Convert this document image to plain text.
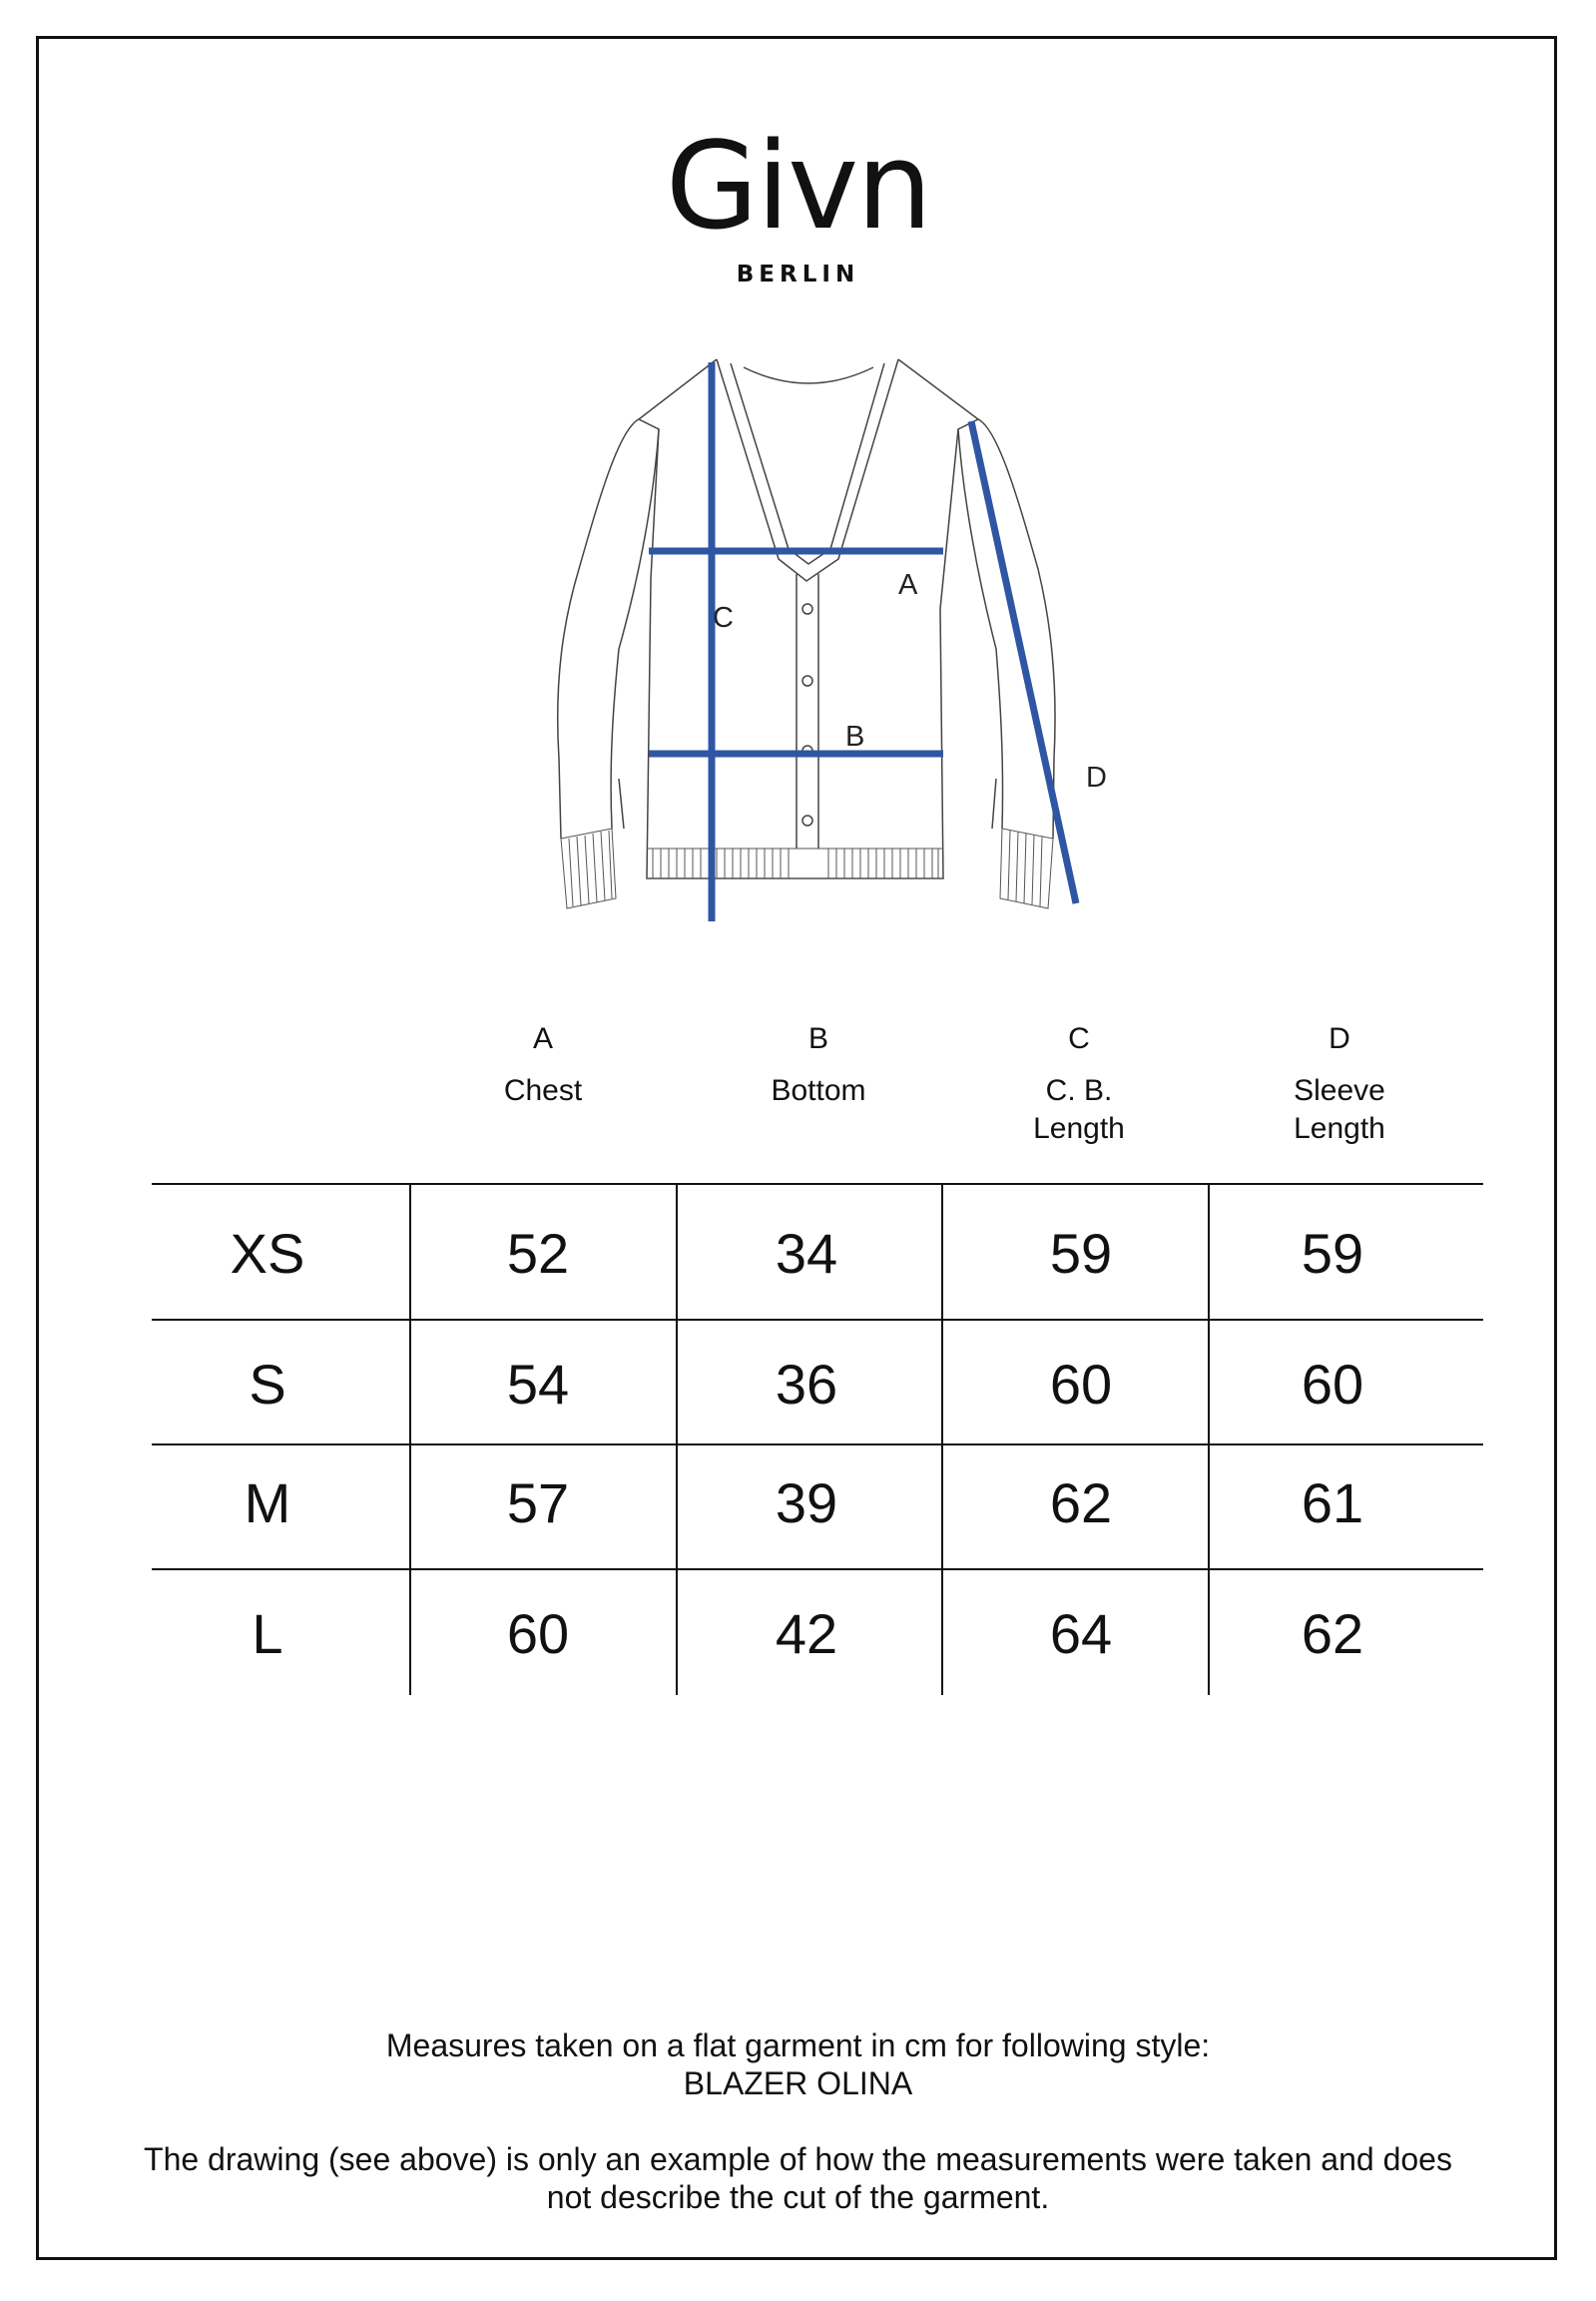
Givn
BERLIN
C
A
B
D
A
Chest
B
Bottom
C
C. B.
Length
D
Sleeve
Length
XS	52	34	59	59
S	54	36	60	60
M	57	39	62	61
L	60	42	64	62
Measures taken on a flat garment in cm for following style:
BLAZER OLINA
The drawing (see above) is only an example of how the measurements were taken and does
not describe the cut of the garment.
